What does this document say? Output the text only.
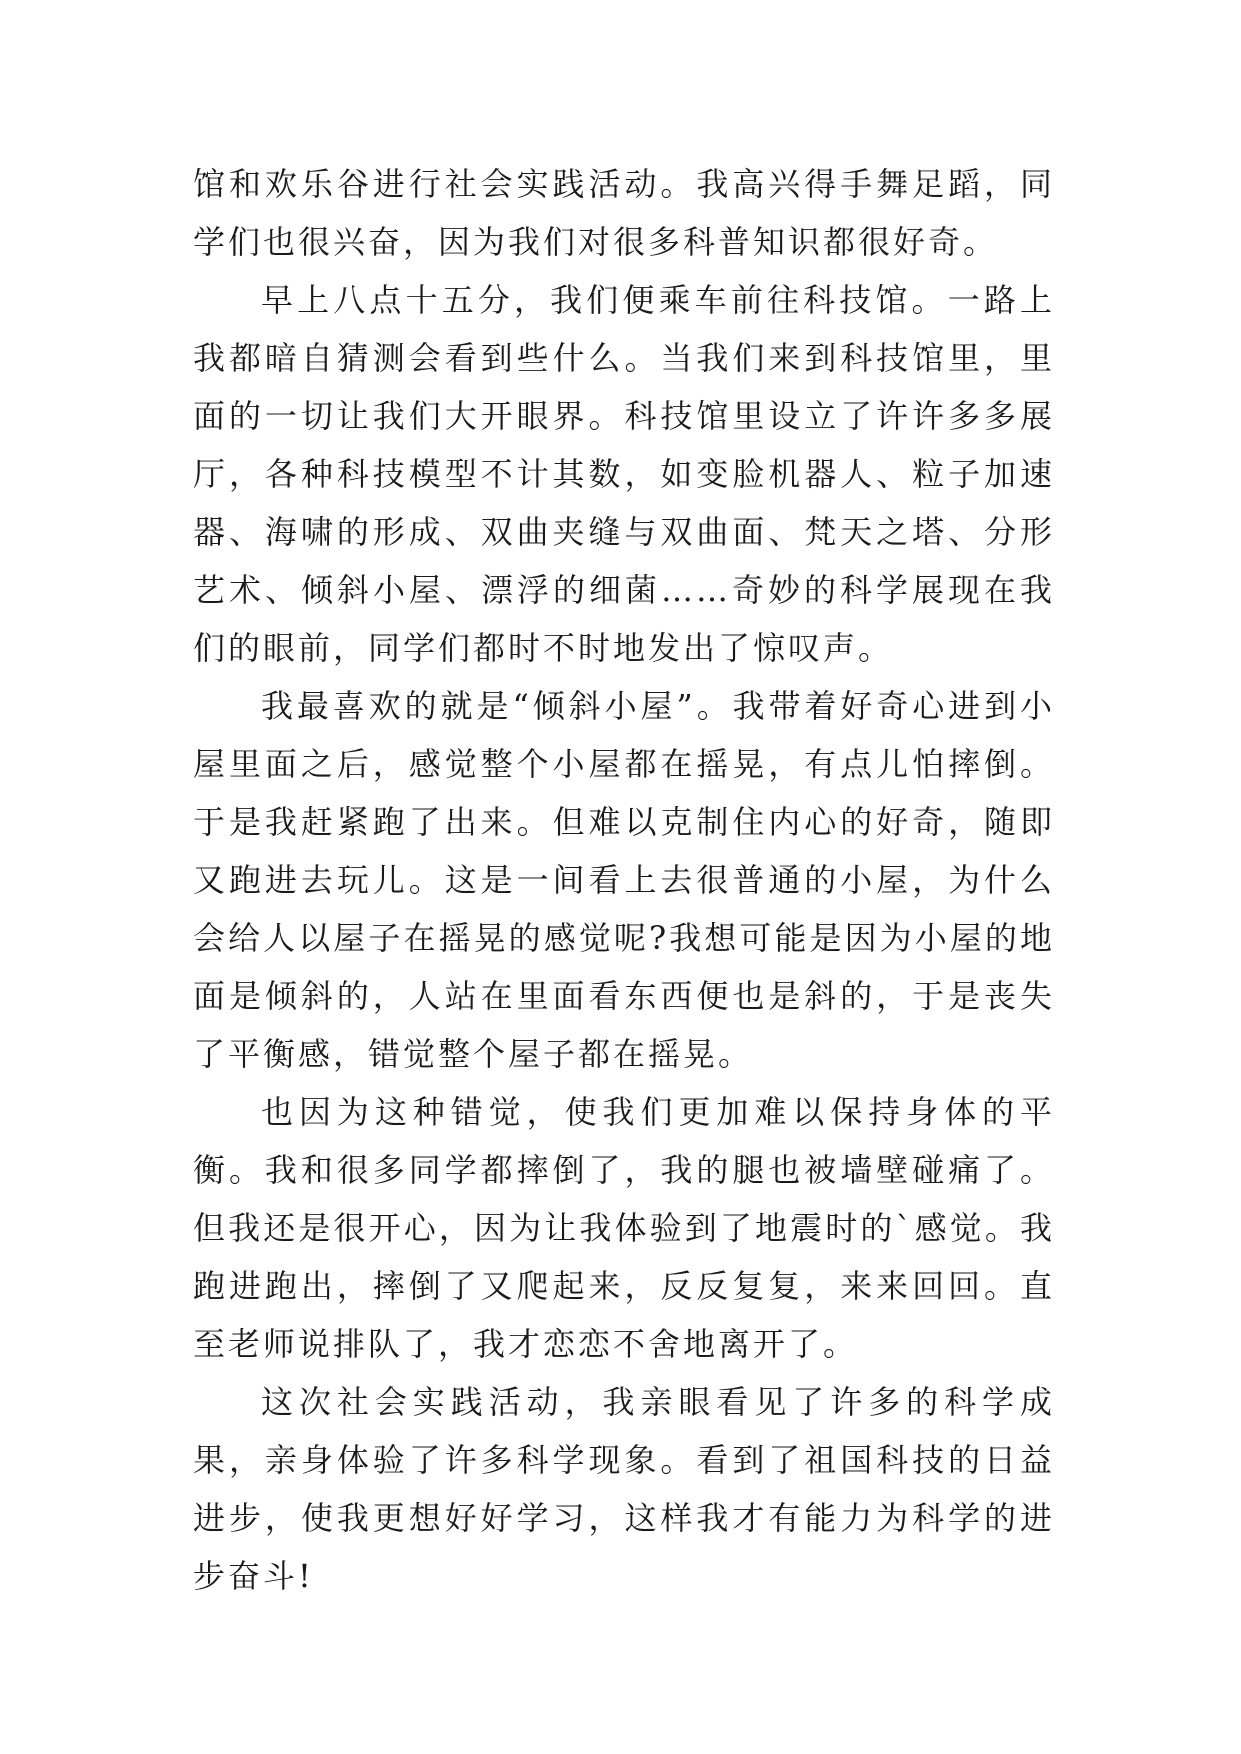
馆和欢乐谷进行社会实践活动。我高兴得手舞足蹈，同学们也很兴奋，因为我们对很多科普知识都很好奇。

早上八点十五分，我们便乘车前往科技馆。一路上我都暗自猜测会看到些什么。当我们来到科技馆里，里面的一切让我们大开眼界。科技馆里设立了许许多多展厅，各种科技模型不计其数，如变脸机器人、粒子加速器、海啸的形成、双曲夹缝与双曲面、梵天之塔、分形艺术、倾斜小屋、漂浮的细菌……奇妙的科学展现在我们的眼前，同学们都时不时地发出了惊叹声。

我最喜欢的就是“倾斜小屋”。我带着好奇心进到小屋里面之后，感觉整个小屋都在摇晃，有点儿怕摔倒。于是我赶紧跑了出来。但难以克制住内心的好奇，随即又跑进去玩儿。这是一间看上去很普通的小屋，为什么会给人以屋子在摇晃的感觉呢?我想可能是因为小屋的地面是倾斜的，人站在里面看东西便也是斜的，于是丧失了平衡感，错觉整个屋子都在摇晃。

也因为这种错觉，使我们更加难以保持身体的平衡。我和很多同学都摔倒了，我的腿也被墙壁碰痛了。但我还是很开心，因为让我体验到了地震时的`感觉。我跑进跑出，摔倒了又爬起来，反反复复，来来回回。直至老师说排队了，我才恋恋不舍地离开了。

这次社会实践活动，我亲眼看见了许多的科学成果，亲身体验了许多科学现象。看到了祖国科技的日益进步，使我更想好好学习，这样我才有能力为科学的进步奋斗!
